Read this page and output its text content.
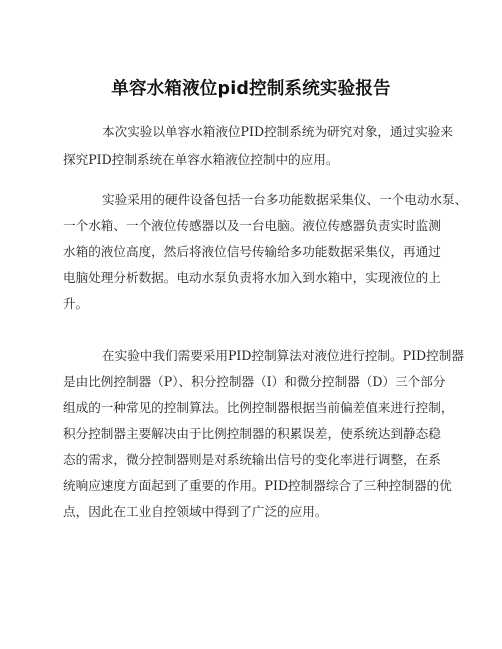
单容水箱液位pid控制系统实验报告
本次实验以单容水箱液位PID控制系统为研究对象，通过实验来
探究PID控制系统在单容水箱液位控制中的应用。
实验采用的硬件设备包括一台多功能数据采集仪、一个电动水泵、
一个水箱、一个液位传感器以及一台电脑。液位传感器负责实时监测
水箱的液位高度，然后将液位信号传输给多功能数据采集仪，再通过
电脑处理分析数据。电动水泵负责将水加入到水箱中，实现液位的上
升。
在实验中我们需要采用PID控制算法对液位进行控制。PID控制器
是由比例控制器（P）、积分控制器（I）和微分控制器（D）三个部分
组成的一种常见的控制算法。比例控制器根据当前偏差值来进行控制，
积分控制器主要解决由于比例控制器的积累误差，使系统达到静态稳
态的需求，微分控制器则是对系统输出信号的变化率进行调整，在系
统响应速度方面起到了重要的作用。PID控制器综合了三种控制器的优
点，因此在工业自控领域中得到了广泛的应用。
